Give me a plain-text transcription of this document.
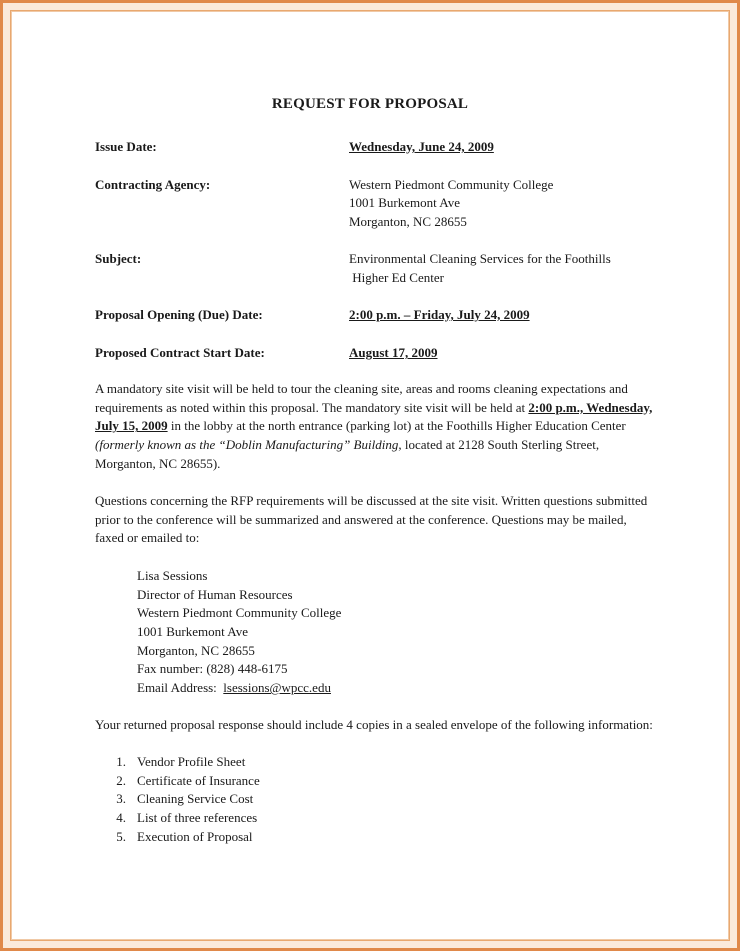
REQUEST FOR PROPOSAL
Issue Date:	Wednesday, June 24, 2009
Contracting Agency:	Western Piedmont Community College
1001 Burkemont Ave
Morganton, NC 28655
Subject:	Environmental Cleaning Services for the Foothills
Higher Ed Center
Proposal Opening (Due) Date:	2:00 p.m. – Friday, July 24, 2009
Proposed Contract Start Date:	August 17, 2009
A mandatory site visit will be held to tour the cleaning site, areas and rooms cleaning expectations and requirements as noted within this proposal. The mandatory site visit will be held at 2:00 p.m., Wednesday, July 15, 2009 in the lobby at the north entrance (parking lot) at the Foothills Higher Education Center (formerly known as the “Doblin Manufacturing” Building, located at 2128 South Sterling Street, Morganton, NC 28655).
Questions concerning the RFP requirements will be discussed at the site visit. Written questions submitted prior to the conference will be summarized and answered at the conference. Questions may be mailed, faxed or emailed to:
Lisa Sessions
Director of Human Resources
Western Piedmont Community College
1001 Burkemont Ave
Morganton, NC 28655
Fax number: (828) 448-6175
Email Address:  lsessions@wpcc.edu
Your returned proposal response should include 4 copies in a sealed envelope of the following information:
1. Vendor Profile Sheet
2. Certificate of Insurance
3. Cleaning Service Cost
4. List of three references
5. Execution of Proposal
